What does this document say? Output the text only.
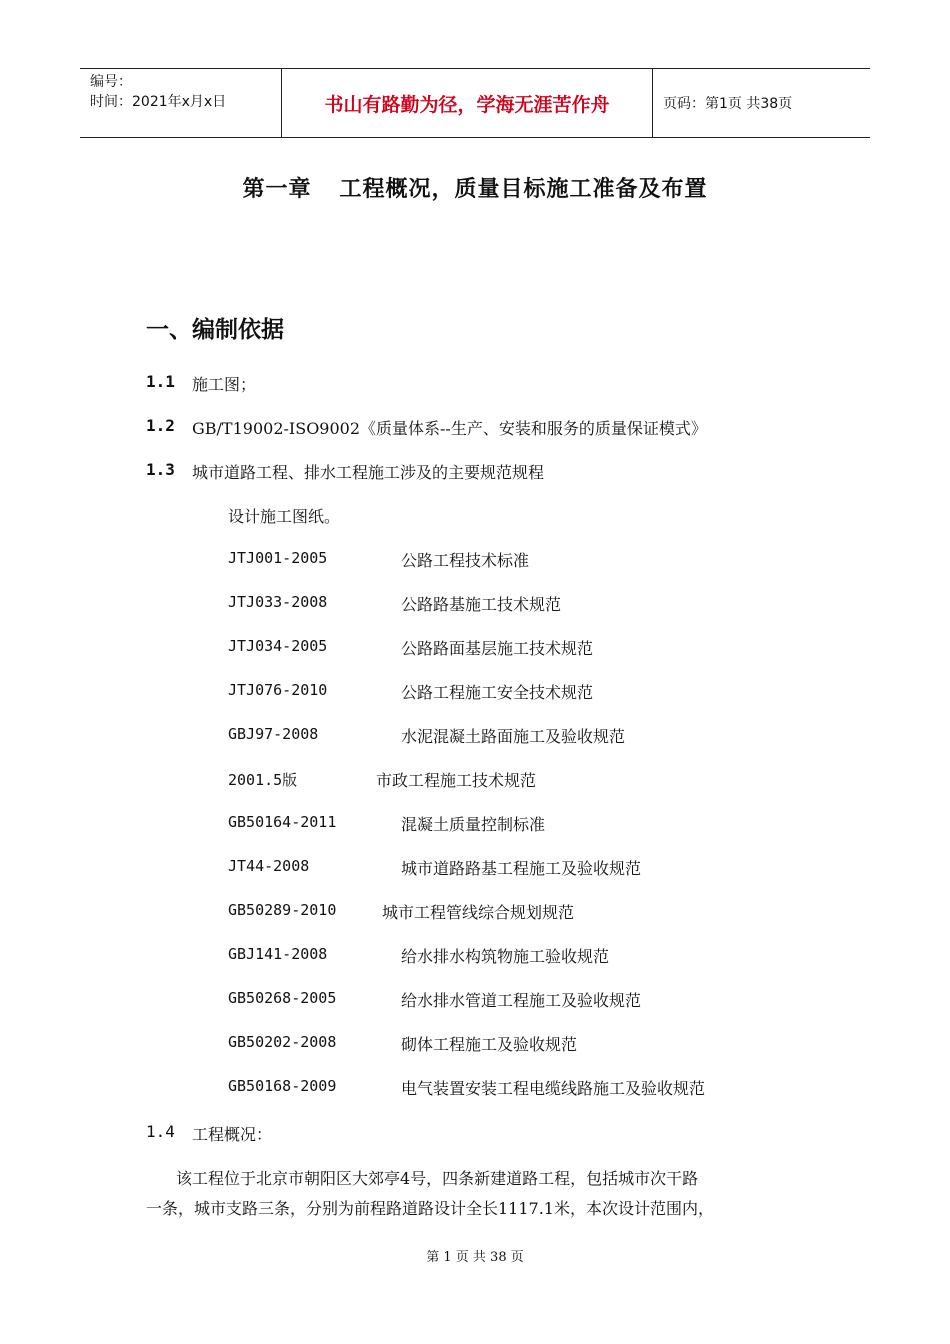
编号：
时间：2021年x月x日	书山有路勤为径，学海无涯苦作舟	页码：第1页 共38页
第一章 工程概况，质量目标施工准备及布置
一、编制依据
1.1 施工图；
1.2 GB/T19002-ISO9002《质量体系--生产、安装和服务的质量保证模式》
1.3 城市道路工程、排水工程施工涉及的主要规范规程
设计施工图纸。
JTJ001-2005	公路工程技术标准
JTJ033-2008	公路路基施工技术规范
JTJ034-2005	公路路面基层施工技术规范
JTJ076-2010	公路工程施工安全技术规范
GBJ97-2008	水泥混凝土路面施工及验收规范
2001.5版	市政工程施工技术规范
GB50164-2011	混凝土质量控制标准
JT44-2008	城市道路路基工程施工及验收规范
GB50289-2010	城市工程管线综合规划规范
GBJ141-2008	给水排水构筑物施工验收规范
GB50268-2005	给水排水管道工程施工及验收规范
GB50202-2008	砌体工程施工及验收规范
GB50168-2009	电气装置安装工程电缆线路施工及验收规范
1.4 工程概况：
该工程位于北京市朝阳区大郊亭4号，四条新建道路工程，包括城市次干路
一条，城市支路三条，分别为前程路道路设计全长1117.1米，本次设计范围内，
第 1 页 共 38 页
